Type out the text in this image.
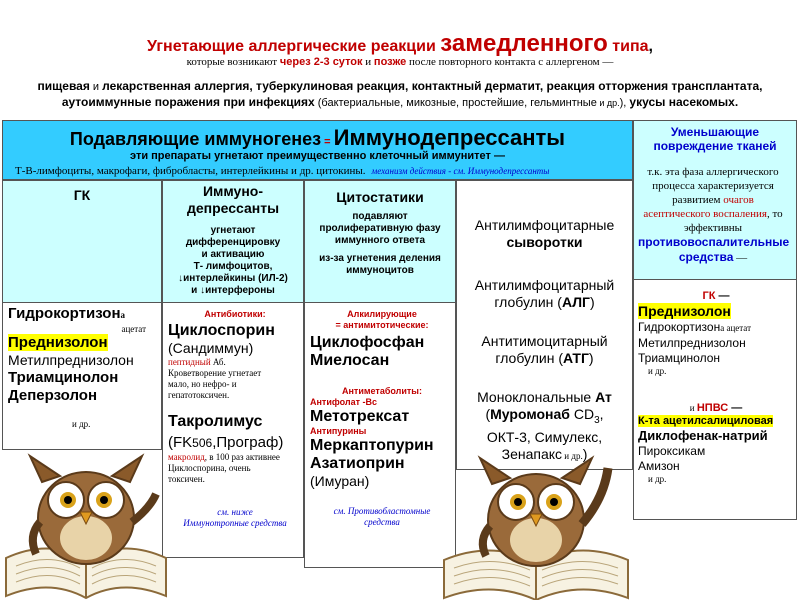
Угнетающие аллергические реакции замедленного типа,
которые возникают через 2-3 суток и позже после повторного контакта с аллергеном —
пищевая и лекарственная аллергия, туберкулиновая реакция, контактный дерматит, реакция отторжения трансплантата,
аутоиммунные поражения при инфекциях (бактериальные, микозные, простейшие, гельминтные и др.), укусы насекомых.
Подавляющие иммуногенез = Иммунодепрессанты
эти препараты угнетают преимущественно клеточный иммунитет —
Т-В-лимфоциты, макрофаги, фибробласты, интерлейкины и др. цитокины. механизм действия - см. Иммунодепрессанты
Уменьшающие повреждение тканей
т.к. эта фаза аллергического процесса характеризуется развитием очагов асептического воспаления, то эффективны противовоспалительные средства —
ГК	Иммуно-депрессанты
угнетают
дифференцировку
и активацию
Т- лимфоцитов,
↓интерлейкины (ИЛ-2)
и ↓интерфероны
Цитостатики
подавляют
пролиферативную фазу
иммунного ответа
из-за угнетения деления
иммуноцитов
Гидрокортизона
ацетат
Преднизолон
Метилпреднизолон
Триамцинолон
Деперзолон
и др.
Антибиотики:
Циклоспорин
(Сандиммун)
пептидный Аб.
Кроветворение угнетает
мало, но нефро- и
гепатотоксичен.
Такролимус
(FK506,Програф)
макролид, в 100 раз активнее
Циклоспорина, очень
токсичен.
см. ниже
Иммунотропные средства
Алкилирующие
= антимитотические:
Циклофосфан
Миелосан
Антиметаболиты:
Антифолат -Вс
Метотрексат
Антипурины
Меркаптопурин
Азатиоприн
(Имуран)
см. Противобластомные
средства
Антилимфоцитарные
сыворотки
Антилимфоцитарный
глобулин (АЛГ)
Антитимоцитарный
глобулин (АТГ)
Моноклональные Ат
(Муромонаб $CD_3$,
ОКТ-3, Симулекс,
Зенапакс и др.)
ГК —
Преднизолон
Гидрокортизона ацетат
Метилпреднизолон
Триамцинолон
и др.
и НПВС —
К-та ацетилсалициловая
Диклофенак-натрий
Пироксикам
Амизон
и др.
